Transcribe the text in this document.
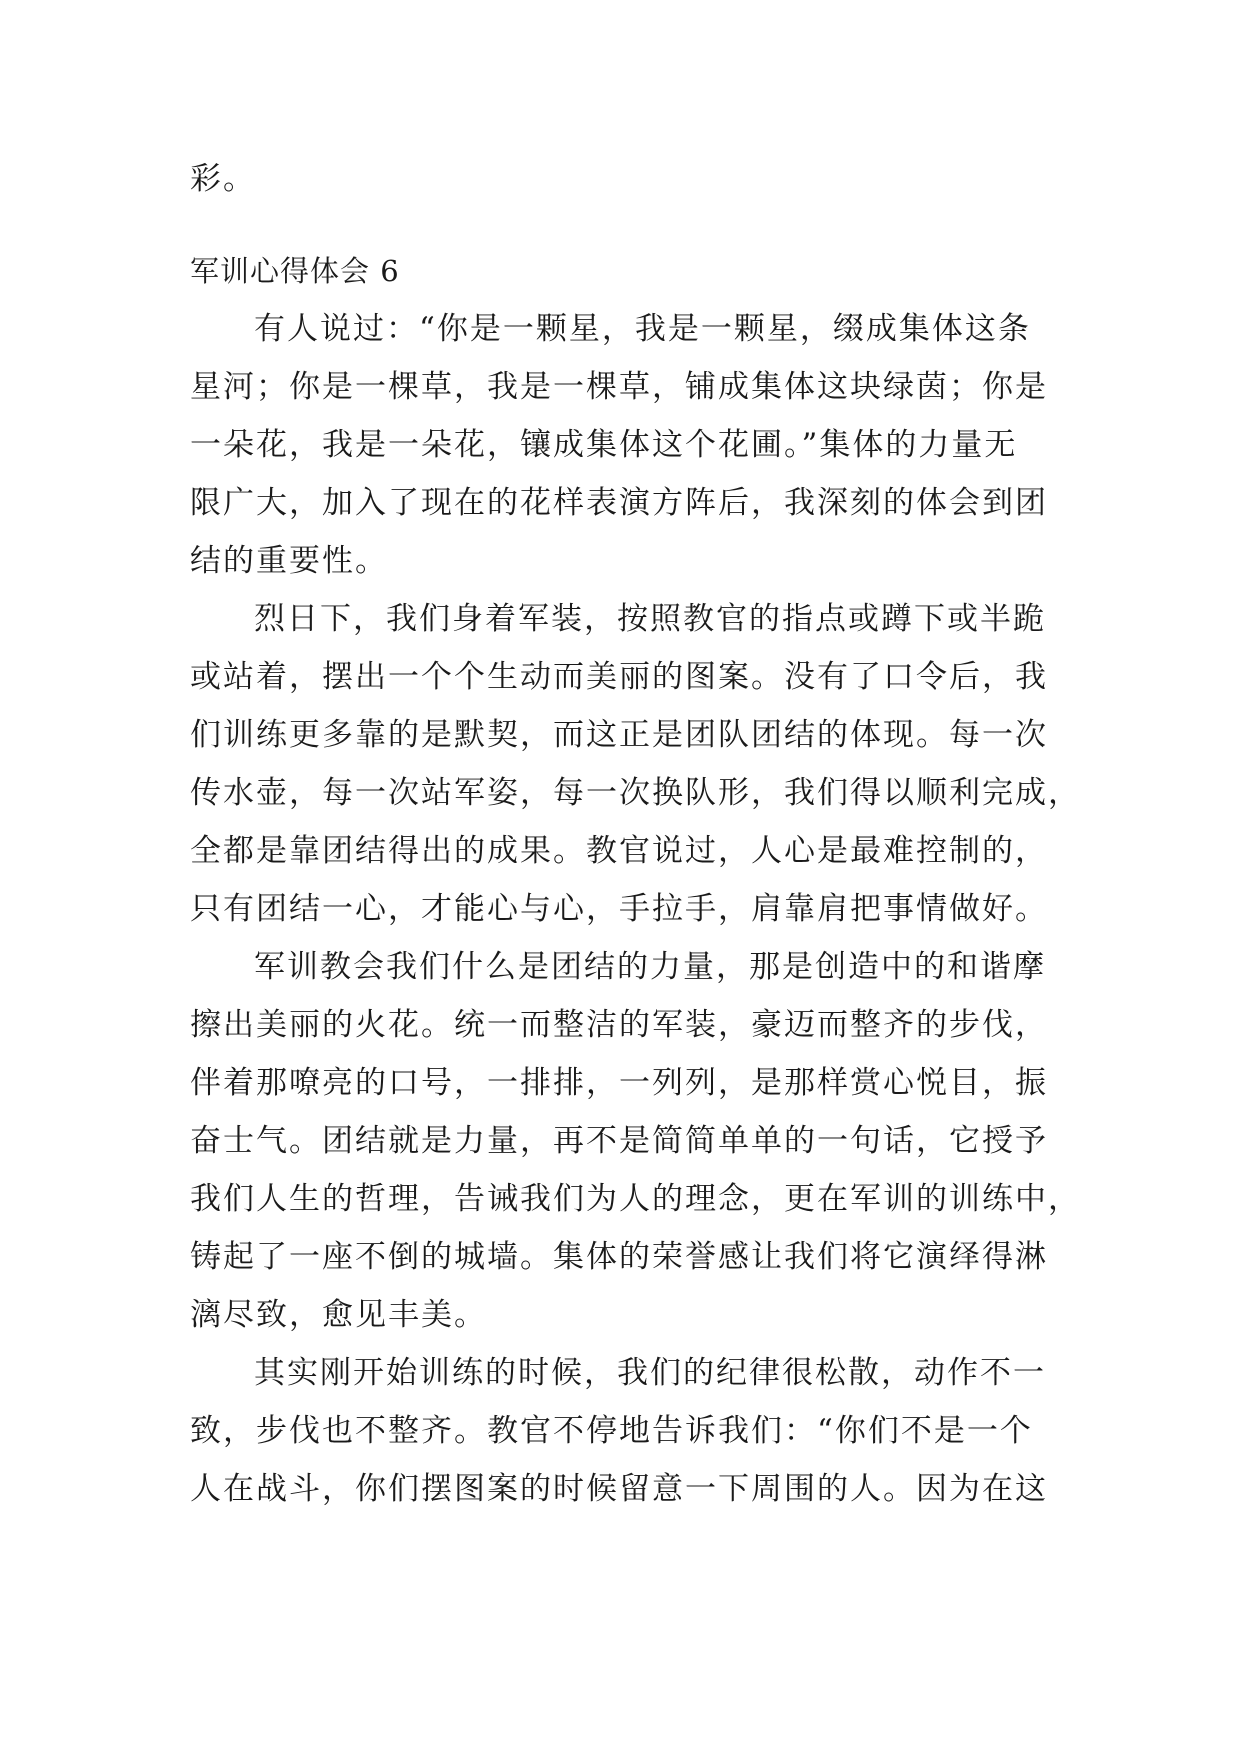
彩。
军训心得体会 6
有人说过：“你是一颗星，我是一颗星，缀成集体这条
星河；你是一棵草，我是一棵草，铺成集体这块绿茵；你是
一朵花，我是一朵花，镶成集体这个花圃。”集体的力量无
限广大，加入了现在的花样表演方阵后，我深刻的体会到团
结的重要性。
烈日下，我们身着军装，按照教官的指点或蹲下或半跪
或站着，摆出一个个生动而美丽的图案。没有了口令后，我
们训练更多靠的是默契，而这正是团队团结的体现。每一次
传水壶，每一次站军姿，每一次换队形，我们得以顺利完成，
全都是靠团结得出的成果。教官说过，人心是最难控制的，
只有团结一心，才能心与心，手拉手，肩靠肩把事情做好。
军训教会我们什么是团结的力量，那是创造中的和谐摩
擦出美丽的火花。统一而整洁的军装，豪迈而整齐的步伐，
伴着那嘹亮的口号，一排排，一列列，是那样赏心悦目，振
奋士气。团结就是力量，再不是简简单单的一句话，它授予
我们人生的哲理，告诫我们为人的理念，更在军训的训练中，
铸起了一座不倒的城墙。集体的荣誉感让我们将它演绎得淋
漓尽致，愈见丰美。
其实刚开始训练的时候，我们的纪律很松散，动作不一
致，步伐也不整齐。教官不停地告诉我们：“你们不是一个
人在战斗，你们摆图案的时候留意一下周围的人。因为在这
